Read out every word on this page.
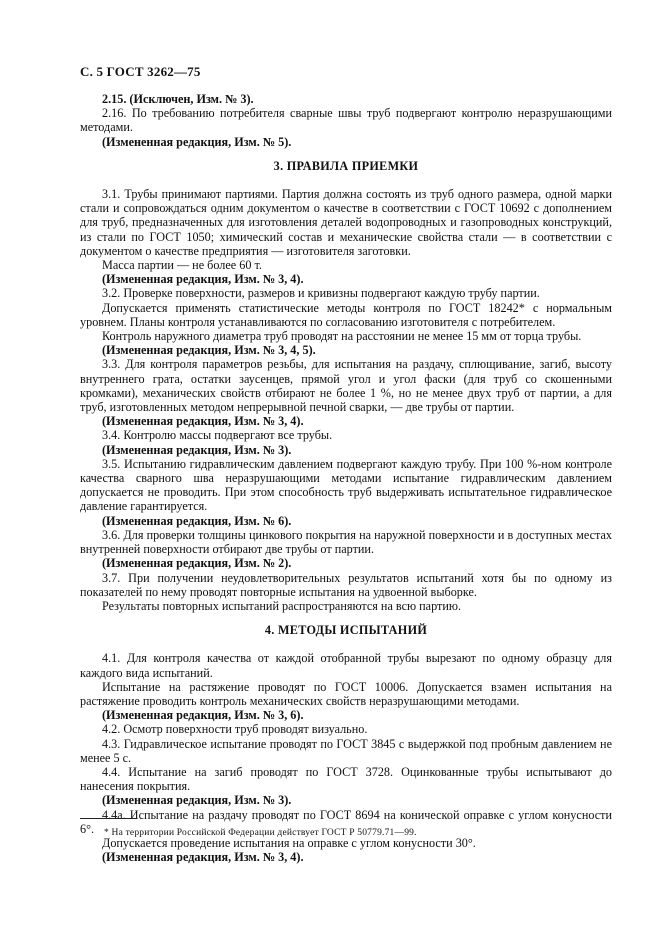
С. 5 ГОСТ 3262—75

2.15. (Исключен, Изм. № 3).

2.16. По требованию потребителя сварные швы труб подвергают контролю неразрушающими методами.

(Измененная редакция, Изм. № 5).

3. ПРАВИЛА ПРИЕМКИ

3.1. Трубы принимают партиями. Партия должна состоять из труб одного размера, одной марки стали и сопровождаться одним документом о качестве в соответствии с ГОСТ 10692 с дополнением для труб, предназначенных для изготовления деталей водопроводных и газопроводных конструкций, из стали по ГОСТ 1050; химический состав и механические свойства стали — в соответствии с документом о качестве предприятия — изготовителя заготовки.

Масса партии — не более 60 т.

(Измененная редакция, Изм. № 3, 4).

3.2. Проверке поверхности, размеров и кривизны подвергают каждую трубу партии.

Допускается применять статистические методы контроля по ГОСТ 18242* с нормальным уровнем. Планы контроля устанавливаются по согласованию изготовителя с потребителем.

Контроль наружного диаметра труб проводят на расстоянии не менее 15 мм от торца трубы.

(Измененная редакция, Изм. № 3, 4, 5).

3.3. Для контроля параметров резьбы, для испытания на раздачу, сплющивание, загиб, высоту внутреннего грата, остатки заусенцев, прямой угол и угол фаски (для труб со скошенными кромками), механических свойств отбирают не более 1 %, но не менее двух труб от партии, а для труб, изготовленных методом непрерывной печной сварки, — две трубы от партии.

(Измененная редакция, Изм. № 3, 4).

3.4. Контролю массы подвергают все трубы.

(Измененная редакция, Изм. № 3).

3.5. Испытанию гидравлическим давлением подвергают каждую трубу. При 100 %-ном контроле качества сварного шва неразрушающими методами испытание гидравлическим давлением допускается не проводить. При этом способность труб выдерживать испытательное гидравлическое давление гарантируется.

(Измененная редакция, Изм. № 6).

3.6. Для проверки толщины цинкового покрытия на наружной поверхности и в доступных местах внутренней поверхности отбирают две трубы от партии.

(Измененная редакция, Изм. № 2).

3.7. При получении неудовлетворительных результатов испытаний хотя бы по одному из показателей по нему проводят повторные испытания на удвоенной выборке.

Результаты повторных испытаний распространяются на всю партию.

4. МЕТОДЫ ИСПЫТАНИЙ

4.1. Для контроля качества от каждой отобранной трубы вырезают по одному образцу для каждого вида испытаний.

Испытание на растяжение проводят по ГОСТ 10006. Допускается взамен испытания на растяжение проводить контроль механических свойств неразрушающими методами.

(Измененная редакция, Изм. № 3, 6).

4.2. Осмотр поверхности труб проводят визуально.

4.3. Гидравлическое испытание проводят по ГОСТ 3845 с выдержкой под пробным давлением не менее 5 с.

4.4. Испытание на загиб проводят по ГОСТ 3728. Оцинкованные трубы испытывают до нанесения покрытия.

(Измененная редакция, Изм. № 3).

4.4а. Испытание на раздачу проводят по ГОСТ 8694 на конической оправке с углом конусности 6°.

Допускается проведение испытания на оправке с углом конусности 30°.

(Измененная редакция, Изм. № 3, 4).

* На территории Российской Федерации действует ГОСТ Р 50779.71—99.
